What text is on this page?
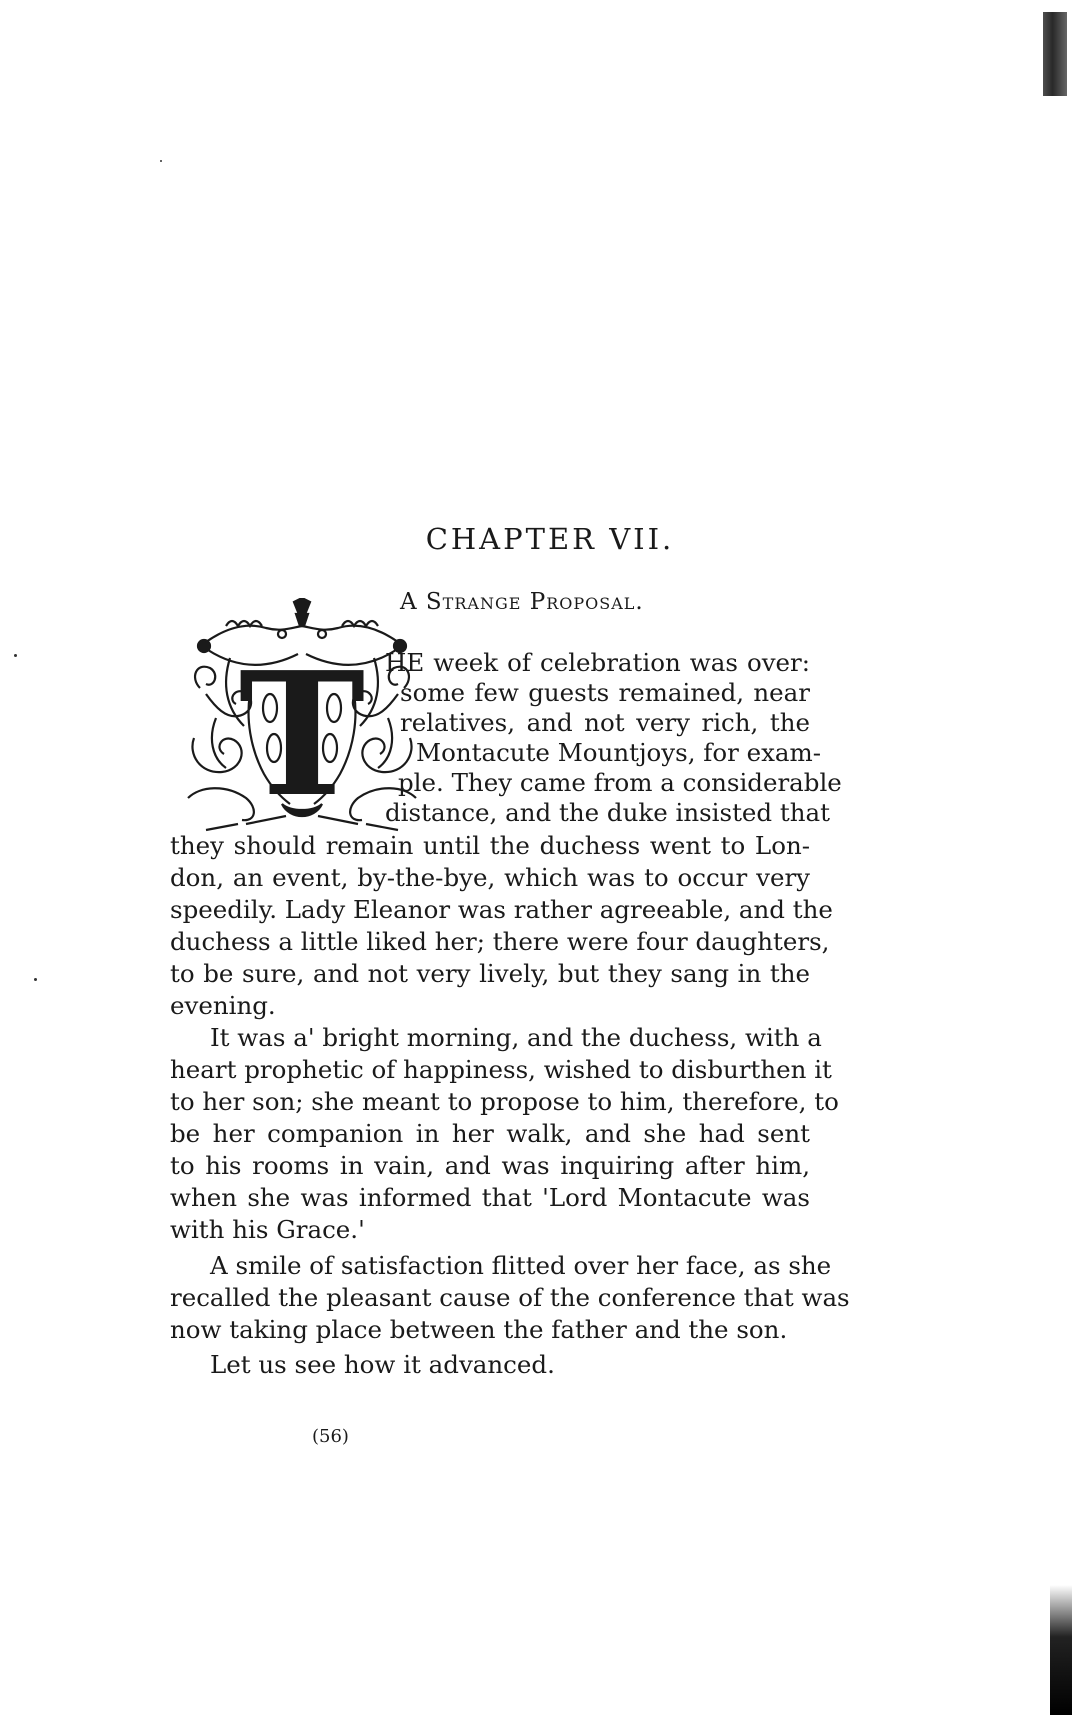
CHAPTER VII.
A Strange Proposal.
T HE week of celebration was over:
some few guests remained, near
relatives, and not very rich, the
Montacute Mountjoys, for exam-
ple. They came from a considerable
distance, and the duke insisted that
they should remain until the duchess went to Lon-
don, an event, by-the-bye, which was to occur very
speedily. Lady Eleanor was rather agreeable, and the
duchess a little liked her; there were four daughters,
to be sure, and not very lively, but they sang in the
evening.
It was a' bright morning, and the duchess, with a
heart prophetic of happiness, wished to disburthen it
to her son; she meant to propose to him, therefore, to
be her companion in her walk, and she had sent
to his rooms in vain, and was inquiring after him,
when she was informed that 'Lord Montacute was
with his Grace.'
A smile of satisfaction flitted over her face, as she
recalled the pleasant cause of the conference that was
now taking place between the father and the son.
Let us see how it advanced.
(56)
